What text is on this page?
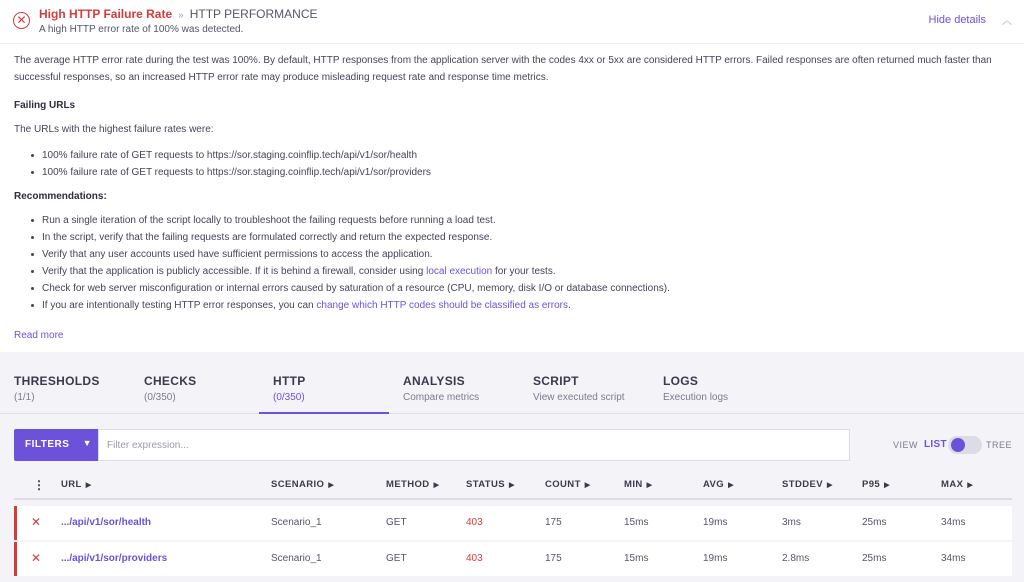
✕ High HTTP Failure Rate » HTTP PERFORMANCE
A high HTTP error rate of 100% was detected.
Hide details ︿

The average HTTP error rate during the test was 100%. By default, HTTP responses from the application server with the codes 4xx or 5xx are considered HTTP errors. Failed responses are often returned much faster than successful responses, so an increased HTTP error rate may produce misleading request rate and response time metrics.

Failing URLs

The URLs with the highest failure rates were:

100% failure rate of GET requests to https://sor.staging.coinflip.tech/api/v1/sor/health
100% failure rate of GET requests to https://sor.staging.coinflip.tech/api/v1/sor/providers
Recommendations:
Run a single iteration of the script locally to troubleshoot the failing requests before running a load test.
In the script, verify that the failing requests are formulated correctly and return the expected response.
Verify that any user accounts used have sufficient permissions to access the application.
Verify that the application is publicly accessible. If it is behind a firewall, consider using local execution for your tests.
Check for web server misconfiguration or internal errors caused by saturation of a resource (CPU, memory, disk I/O or database connections).
If you are intentionally testing HTTP error responses, you can change which HTTP codes should be classified as errors.
Read more
THRESHOLDS
(1/1)
CHECKS
(0/350)
HTTP
(0/350)
ANALYSIS
Compare metrics
SCRIPT
View executed script
LOGS
Execution logs
FILTERS ▼
Filter expression...	VIEW LIST	TREE
⋮ URL ▶	SCENARIO ▶	METHOD ▶	STATUS ▶	COUNT ▶	MIN ▶	AVG ▶	STDDEV ▶	P95 ▶	MAX ▶
✕ .../api/v1/sor/health	Scenario_1	GET	403	175	15ms	19ms	3ms	25ms	34ms
✕ .../api/v1/sor/providers	Scenario_1	GET	403	175	15ms	19ms	2.8ms	25ms	34ms
